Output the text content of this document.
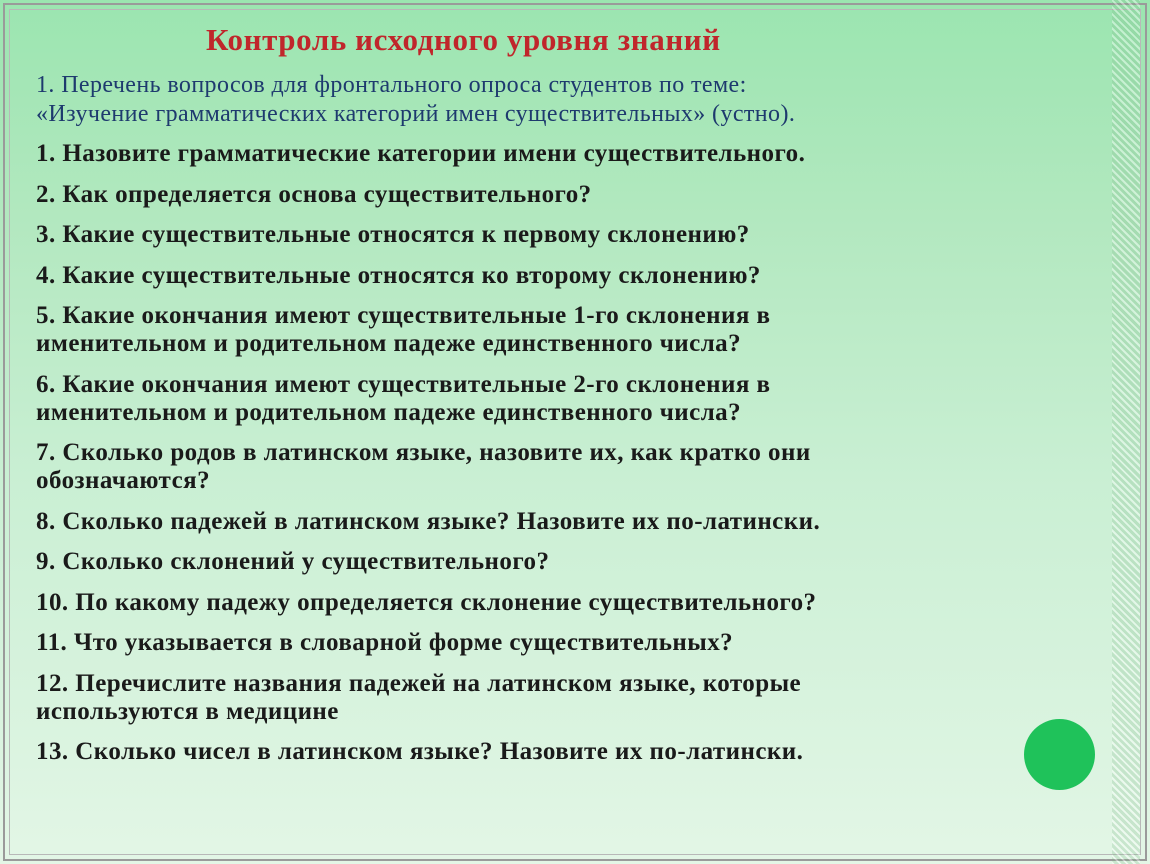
Контроль исходного уровня знаний
1. Перечень вопросов для фронтального опроса студентов по теме:
«Изучение грамматических категорий имен существительных» (устно).
1. Назовите грамматические категории имени существительного.
2. Как определяется основа существительного?
3. Какие существительные относятся к первому склонению?
4. Какие существительные относятся ко второму склонению?
5. Какие окончания имеют существительные 1-го склонения в
именительном и родительном падеже единственного числа?
6. Какие окончания имеют существительные 2-го склонения в
именительном и родительном падеже единственного числа?
7. Сколько родов в латинском языке, назовите их, как кратко они
обозначаются?
8. Сколько падежей в латинском языке? Назовите их по-латински.
9. Сколько склонений у существительного?
10. По какому падежу определяется склонение существительного?
11. Что указывается в словарной форме существительных?
12. Перечислите названия падежей на латинском языке, которые
используются в медицине
13. Сколько чисел в латинском языке? Назовите их по-латински.
